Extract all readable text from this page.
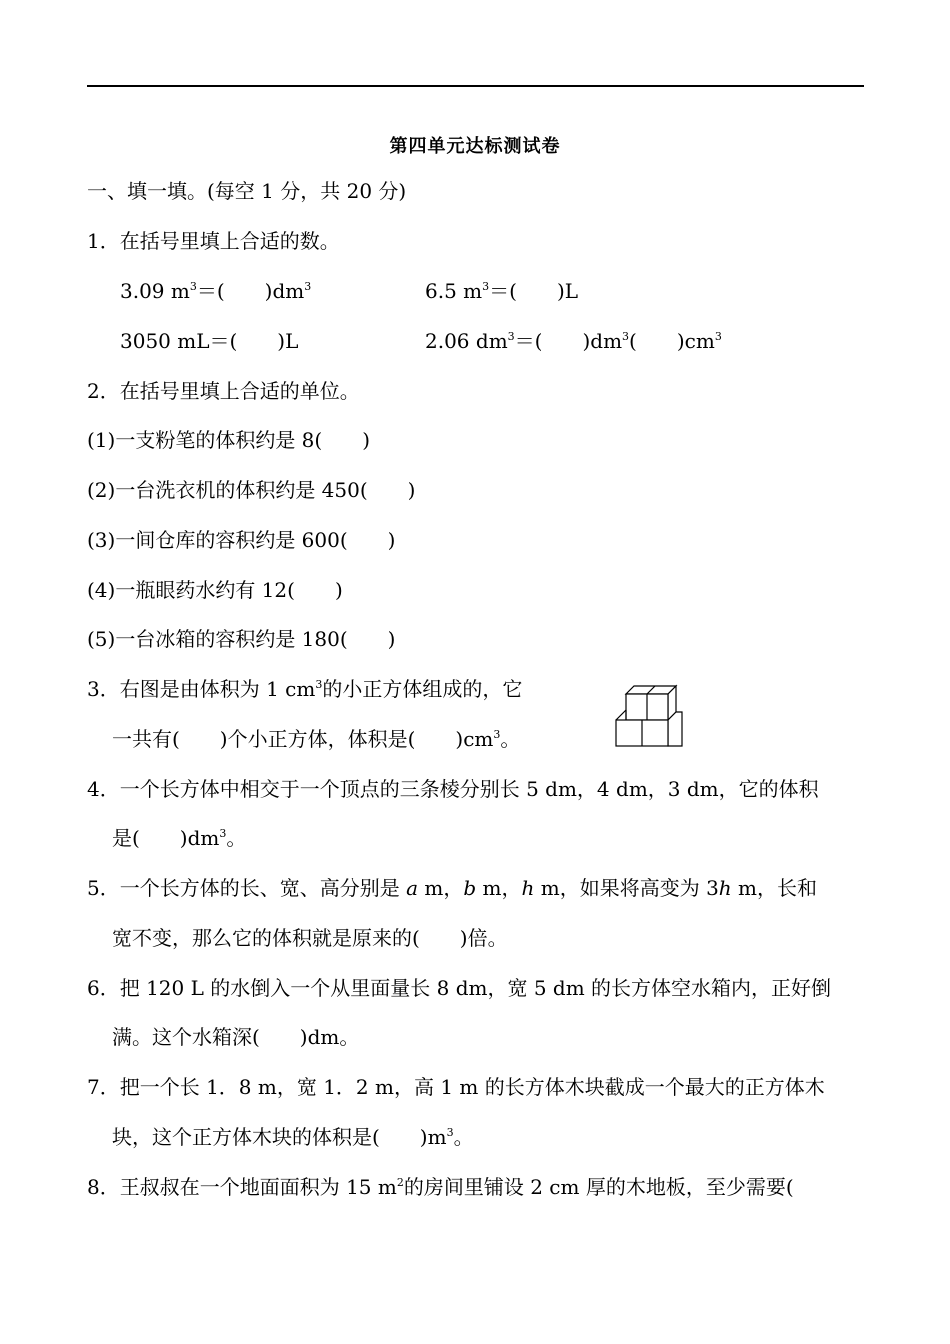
第四单元达标测试卷
一、填一填。(每空 1 分，共 20 分)
1．在括号里填上合适的数。
3.09 $m^3=$(　　)$dm^3$	6.5 $m^3=$(　　)L
3050 mL＝(　　)L	2.06 $dm^3=$(　　)$dm^3$(　　)$cm^3$
2．在括号里填上合适的单位。
(1)一支粉笔的体积约是 8(　　)
(2)一台洗衣机的体积约是 450(　　)
(3)一间仓库的容积约是 600(　　)
(4)一瓶眼药水约有 12(　　)
(5)一台冰箱的容积约是 180(　　)
3．右图是由体积为 1 $cm^3$的小正方体组成的，它
一共有(　　)个小正方体，体积是(　　)$cm^3$。
4．一个长方体中相交于一个顶点的三条棱分别长 5 dm，4 dm，3 dm，它的体积
是(　　)$dm^3$。
5．一个长方体的长、宽、高分别是 a m，b m，h m，如果将高变为 3h m，长和
宽不变，那么它的体积就是原来的(　　)倍。
6．把 120 L 的水倒入一个从里面量长 8 dm，宽 5 dm 的长方体空水箱内，正好倒
满。这个水箱深(　　)dm。
7．把一个长 1．8 m，宽 1．2 m，高 1 m 的长方体木块截成一个最大的正方体木
块，这个正方体木块的体积是(　　)$m^3$。
8．王叔叔在一个地面面积为 15 $m^2$的房间里铺设 2 cm 厚的木地板，至少需要(
